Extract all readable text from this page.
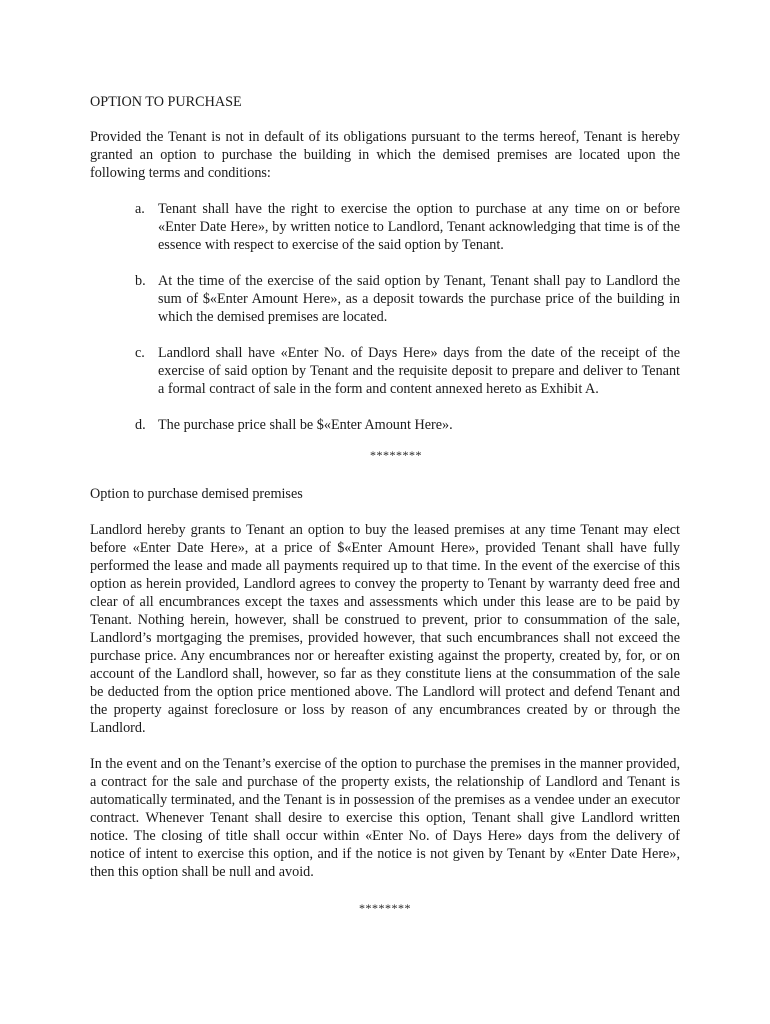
OPTION TO PURCHASE

Provided the Tenant is not in default of its obligations pursuant to the terms hereof, Tenant is hereby granted an option to purchase the building in which the demised premises are located upon the following terms and conditions:

a. Tenant shall have the right to exercise the option to purchase at any time on or before «Enter Date Here», by written notice to Landlord, Tenant acknowledging that time is of the essence with respect to exercise of the said option by Tenant.
b. At the time of the exercise of the said option by Tenant, Tenant shall pay to Landlord the sum of $«Enter Amount Here», as a deposit towards the purchase price of the building in which the demised premises are located.
c. Landlord shall have «Enter No. of Days Here» days from the date of the receipt of the exercise of said option by Tenant and the requisite deposit to prepare and deliver to Tenant a formal contract of sale in the form and content annexed hereto as Exhibit A.
d. The purchase price shall be $«Enter Amount Here».
********
Option to purchase demised premises

Landlord hereby grants to Tenant an option to buy the leased premises at any time Tenant may elect before «Enter Date Here», at a price of $«Enter Amount Here», provided Tenant shall have fully performed the lease and made all payments required up to that time. In the event of the exercise of this option as herein provided, Landlord agrees to convey the property to Tenant by warranty deed free and clear of all encumbrances except the taxes and assessments which under this lease are to be paid by Tenant. Nothing herein, however, shall be construed to prevent, prior to consummation of the sale, Landlord’s mortgaging the premises, provided however, that such encumbrances shall not exceed the purchase price. Any encumbrances nor or hereafter existing against the property, created by, for, or on account of the Landlord shall, however, so far as they constitute liens at the consummation of the sale be deducted from the option price mentioned above. The Landlord will protect and defend Tenant and the property against foreclosure or loss by reason of any encumbrances created by or through the Landlord.

In the event and on the Tenant’s exercise of the option to purchase the premises in the manner provided, a contract for the sale and purchase of the property exists, the relationship of Landlord and Tenant is automatically terminated, and the Tenant is in possession of the premises as a vendee under an executor contract. Whenever Tenant shall desire to exercise this option, Tenant shall give Landlord written notice. The closing of title shall occur within «Enter No. of Days Here» days from the delivery of notice of intent to exercise this option, and if the notice is not given by Tenant by «Enter Date Here», then this option shall be null and avoid.

********
